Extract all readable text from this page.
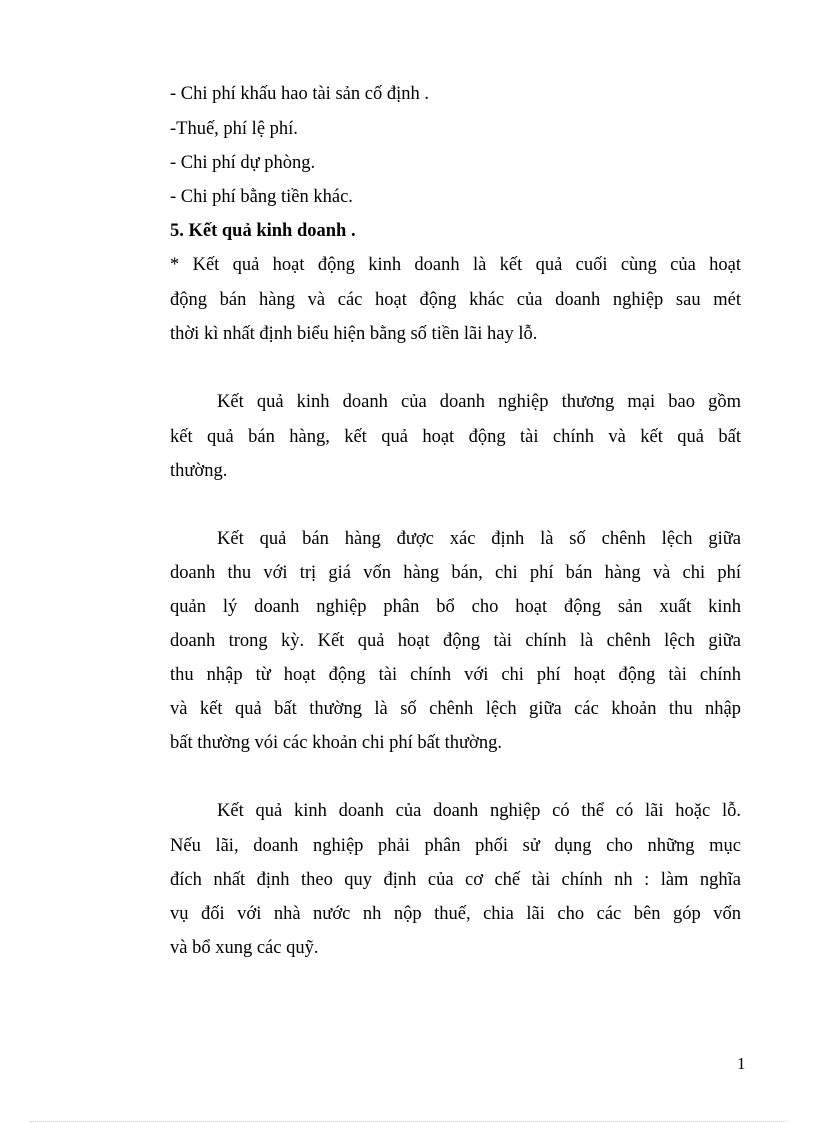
- Chi phí khấu hao tài sản cố định .
-Thuế, phí lệ phí.
- Chi phí dự phòng.
- Chi phí bằng tiền khác.
5. Kết quả kinh doanh .
* Kết quả hoạt động kinh doanh là kết quả cuối cùng của hoạt
động bán hàng và các hoạt động khác của doanh nghiệp sau mét
thời kì nhất định biểu hiện bằng số tiền lãi hay lỗ.
Kết quả kinh doanh của doanh nghiệp thương mại bao gồm
kết quả bán hàng, kết quả hoạt động tài chính và kết quả bất
thường.
Kết quả bán hàng được xác định là số chênh lệch giữa
doanh thu với trị giá vốn hàng bán, chi phí bán hàng và chi phí
quản lý doanh nghiệp phân bổ cho hoạt động sản xuất kinh
doanh trong kỳ. Kết quả hoạt động tài chính là chênh lệch giữa
thu nhập từ hoạt động tài chính với chi phí hoạt động tài chính
và kết quả bất thường là số chênh lệch giữa các khoản thu nhập
bất thường vói các khoản chi phí bất thường.
Kết quả kinh doanh của doanh nghiệp có thể có lãi hoặc lỗ.
Nếu lãi, doanh nghiệp phải phân phối sử dụng cho những mục
đích nhất định theo quy định của cơ chế tài chính nh : làm nghĩa
vụ đối với nhà nước nh nộp thuế, chia lãi cho các bên góp vốn
và bổ xung các quỹ.
1
